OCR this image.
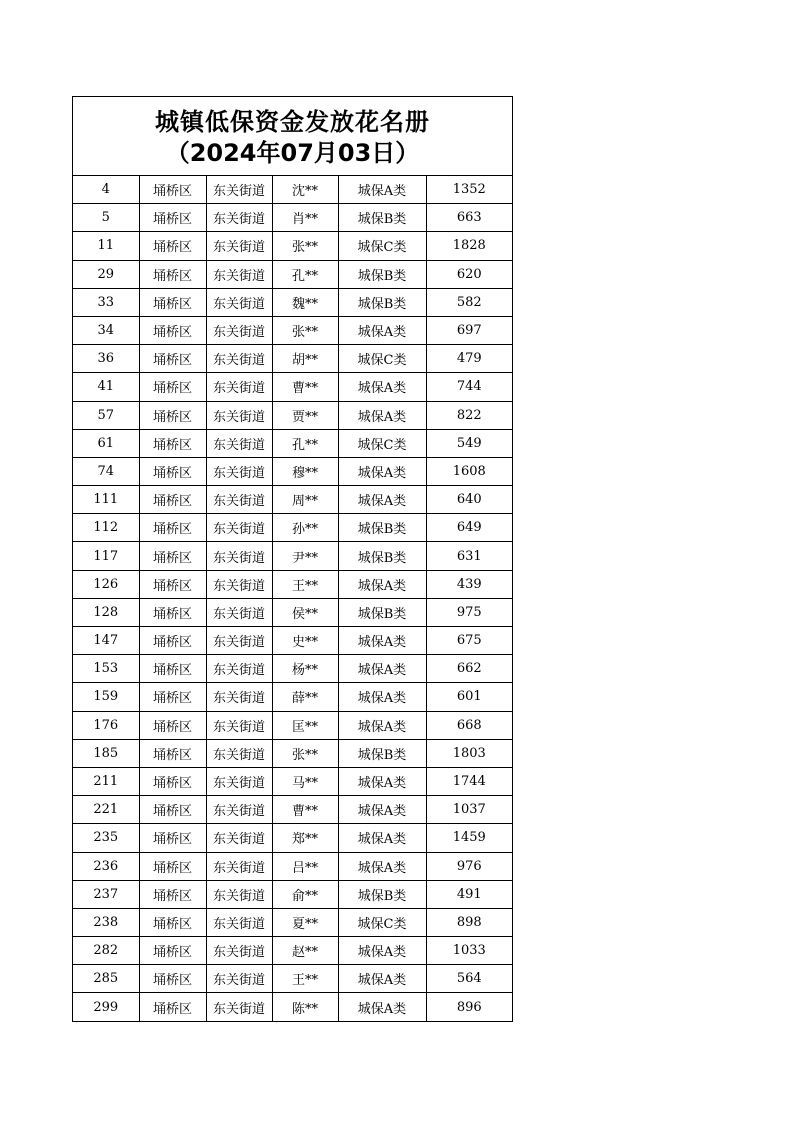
城镇低保资金发放花名册
（2024年07月03日）
4	埇桥区	东关街道	沈**	城保A类	1352
5	埇桥区	东关街道	肖**	城保B类	663
11	埇桥区	东关街道	张**	城保C类	1828
29	埇桥区	东关街道	孔**	城保B类	620
33	埇桥区	东关街道	魏**	城保B类	582
34	埇桥区	东关街道	张**	城保A类	697
36	埇桥区	东关街道	胡**	城保C类	479
41	埇桥区	东关街道	曹**	城保A类	744
57	埇桥区	东关街道	贾**	城保A类	822
61	埇桥区	东关街道	孔**	城保C类	549
74	埇桥区	东关街道	穆**	城保A类	1608
111	埇桥区	东关街道	周**	城保A类	640
112	埇桥区	东关街道	孙**	城保B类	649
117	埇桥区	东关街道	尹**	城保B类	631
126	埇桥区	东关街道	王**	城保A类	439
128	埇桥区	东关街道	侯**	城保B类	975
147	埇桥区	东关街道	史**	城保A类	675
153	埇桥区	东关街道	杨**	城保A类	662
159	埇桥区	东关街道	薛**	城保A类	601
176	埇桥区	东关街道	匡**	城保A类	668
185	埇桥区	东关街道	张**	城保B类	1803
211	埇桥区	东关街道	马**	城保A类	1744
221	埇桥区	东关街道	曹**	城保A类	1037
235	埇桥区	东关街道	郑**	城保A类	1459
236	埇桥区	东关街道	吕**	城保A类	976
237	埇桥区	东关街道	俞**	城保B类	491
238	埇桥区	东关街道	夏**	城保C类	898
282	埇桥区	东关街道	赵**	城保A类	1033
285	埇桥区	东关街道	王**	城保A类	564
299	埇桥区	东关街道	陈**	城保A类	896
